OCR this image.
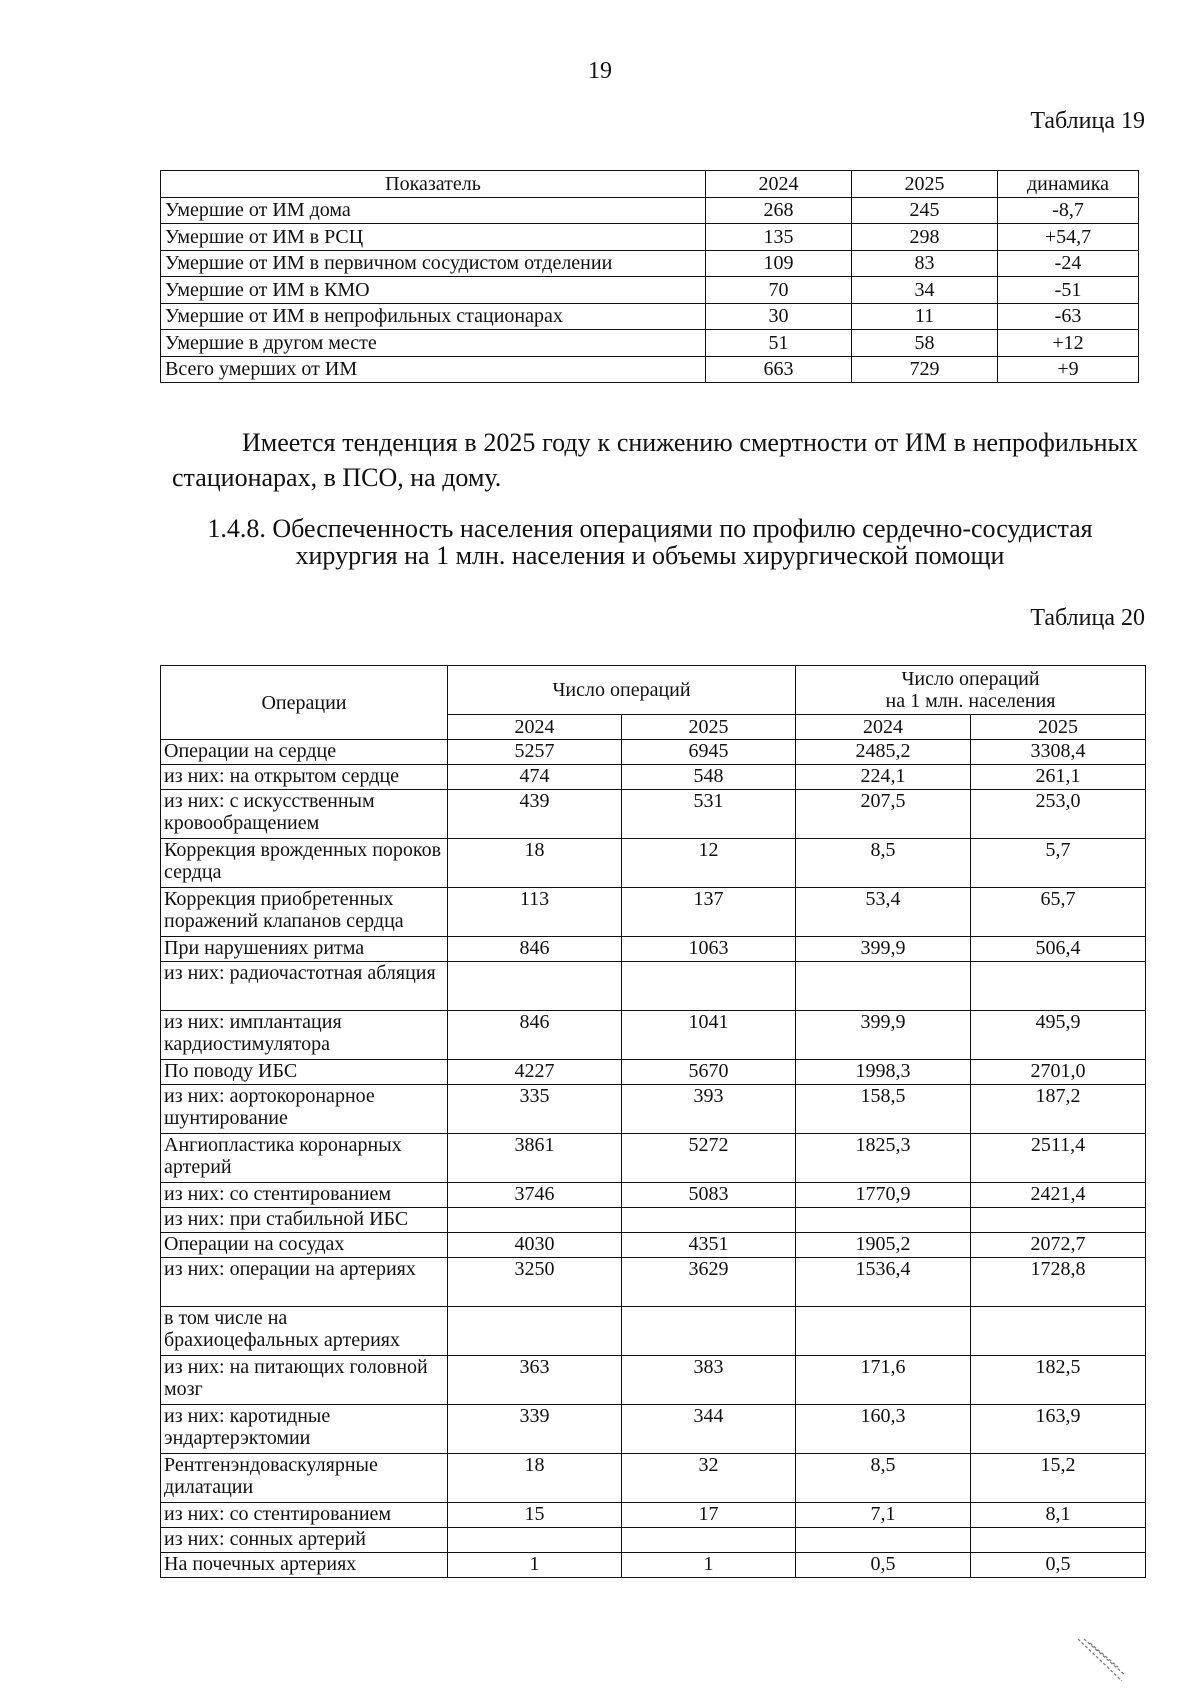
19
Таблица 19
Показатель	2024	2025	динамика
Умершие от ИМ дома	268	245	-8,7
Умершие от ИМ в РСЦ	135	298	+54,7
Умершие от ИМ в первичном сосудистом отделении	109	83	-24
Умершие от ИМ в КМО	70	34	-51
Умершие от ИМ в непрофильных стационарах	30	11	-63
Умершие в другом месте	51	58	+12
Всего умерших от ИМ	663	729	+9
Имеется тенденция в 2025 году к снижению смертности от ИМ в непрофильных стационарах, в ПСО, на дому.
1.4.8. Обеспеченность населения операциями по профилю сердечно-сосудистая
хирургия на 1 млн. населения и объемы хирургической помощи
Таблица 20
Операции	Число операций		Число операций
на 1 млн. населения	

	2024	2025	2024	2025
Операции на сердце	5257	6945	2485,2	3308,4
из них: на открытом сердце	474	548	224,1	261,1
из них: с искусственным кровообращением	439	531	207,5	253,0
Коррекция врожденных пороков сердца	18	12	8,5	5,7
Коррекция приобретенных поражений клапанов сердца	113	137	53,4	65,7
При нарушениях ритма	846	1063	399,9	506,4
из них: радиочастотная абляция				
из них: имплантация кардиостимулятора	846	1041	399,9	495,9
По поводу ИБС	4227	5670	1998,3	2701,0
из них: аортокоронарное шунтирование	335	393	158,5	187,2
Ангиопластика коронарных артерий	3861	5272	1825,3	2511,4
из них: со стентированием	3746	5083	1770,9	2421,4
из них: при стабильной ИБС				
Операции на сосудах	4030	4351	1905,2	2072,7
из них: операции на артериях	3250	3629	1536,4	1728,8
в том числе на брахиоцефальных артериях				
из них: на питающих головной мозг	363	383	171,6	182,5
из них: каротидные эндартерэктомии	339	344	160,3	163,9
Рентгенэндоваскулярные дилатации	18	32	8,5	15,2
из них: со стентированием	15	17	7,1	8,1
из них: сонных артерий				
На почечных артериях	1	1	0,5	0,5
